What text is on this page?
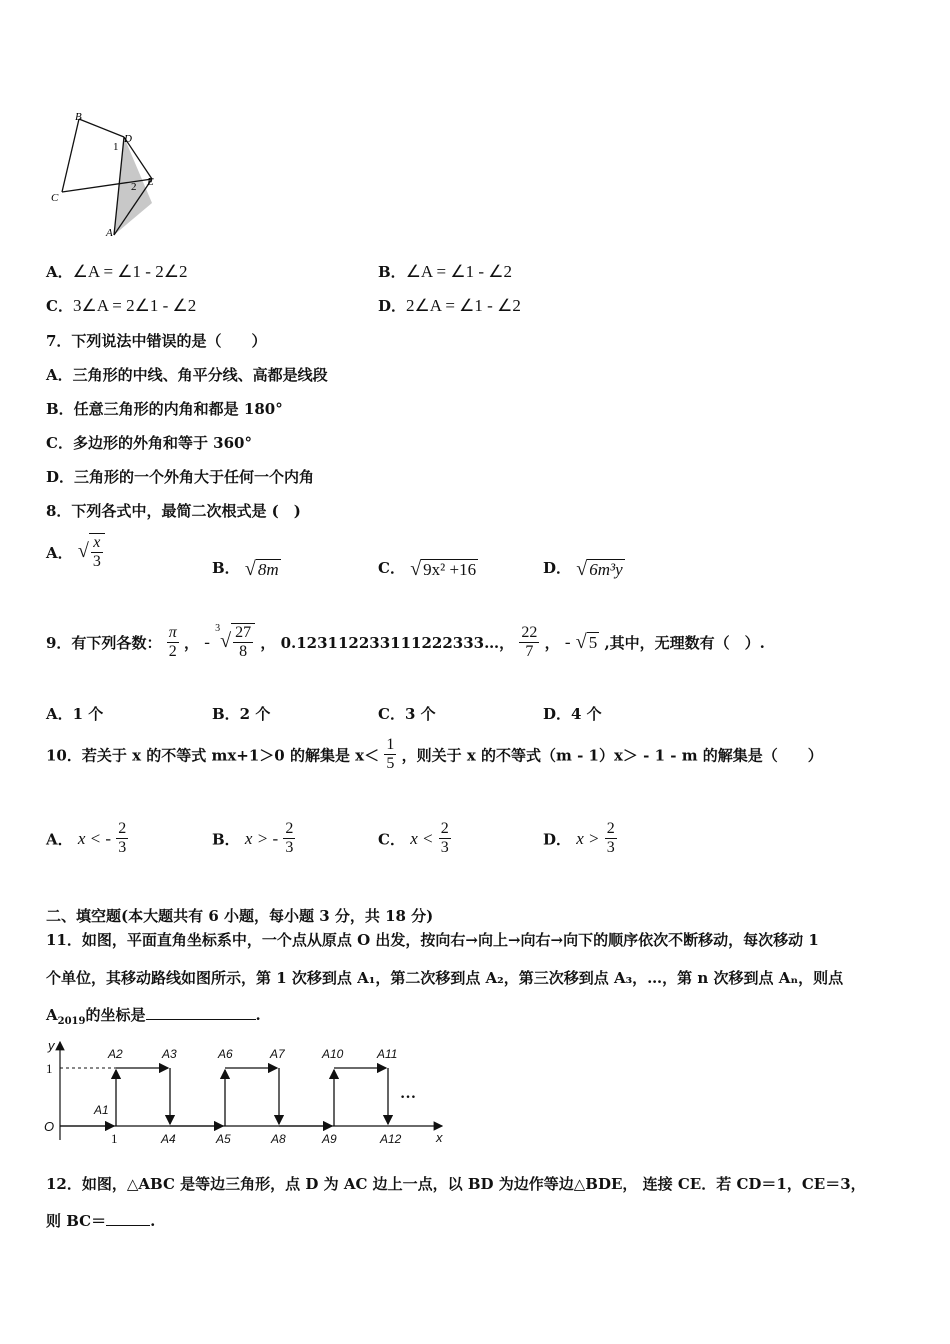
B
D
1
E
2
C
A
A．∠A = ∠1 - 2∠2	B．∠A = ∠1 - ∠2
C．3∠A = 2∠1 - ∠2	D．2∠A = ∠1 - ∠2
7．下列说法中错误的是（　　）
A．三角形的中线、角平分线、高都是线段
B．任意三角形的内角和都是 180°
C．多边形的外角和等于 360°
D．三角形的一个外角大于任何一个内角
8．下列各式中，最简二次根式是 (　)
A． √ $\frac{x}{3}$	B． √ 8m	C． √ 9x² +16	D． √ 6m³y
9．有下列各数： $\frac{\pi}{2}$ ， - $^3√ \frac{27}{8}$ ， 0.123112233111222333…， $\frac{22}{7}$ ， - √ 5 ,其中，无理数有（　）.
A．1 个	B．2 个	C．3 个	D．4 个
10．若关于 x 的不等式 mx+1＞0 的解集是 $x< \frac{1}{5}$ ，则关于 x 的不等式（m - 1）x＞ - 1 - m 的解集是（　　）
A． x < - $\frac{2}{3}$	B． x > - $\frac{2}{3}$	C． $x < \frac{2}{3}$	D． $x > \frac{2}{3}$
二、填空题(本大题共有 6 小题，每小题 3 分，共 18 分)
11．如图，平面直角坐标系中，一个点从原点 O 出发，按向右→向上→向右→向下的顺序依次不断移动，每次移动 1
个单位，其移动路线如图所示，第 1 次移到点 A₁，第二次移到点 A₂，第三次移到点 A₃，…，第 n 次移到点 Aₙ，则点
$A_{2019}$的坐标是	.
y
x
O
1
1
…
A1
A2	A3
A4
A6
A5
A7
A8
A10
A9
A11
A12
12．如图，△ABC 是等边三角形，点 D 为 AC 边上一点，以 BD 为边作等边△BDE， 连接 CE．若 CD＝1，CE＝3，
则 BC＝	.
